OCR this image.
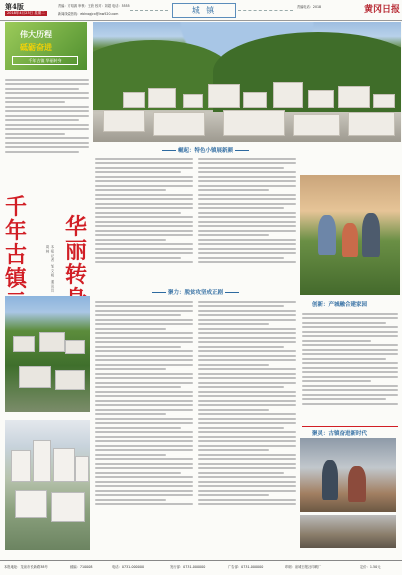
第4版
2018年4月23日 星期二
责编：方绍源 审核：王欣 校对：刘超 电话：5555
新闻线索热线：eblnogjcx@lnw520.com	城 镇	责编电话：2018	黄冈日报
伟大历程
砥砺奋进
千年古镇 华丽转身
千年古镇
华丽转
本报记者 邹文明 通讯员 周林
崛起：特色小镇展新颜
聚力：脱贫攻坚成正剧
创新：产城融合建家园
聚灵：古镇奋进新时代
本报地址：龙泉市长新路38号	邮编：710008	电话：0731-000000	发行部：0731-000000	广告部：0731-000000	印刷：泉城日报社印刷厂	定价：1.50元
